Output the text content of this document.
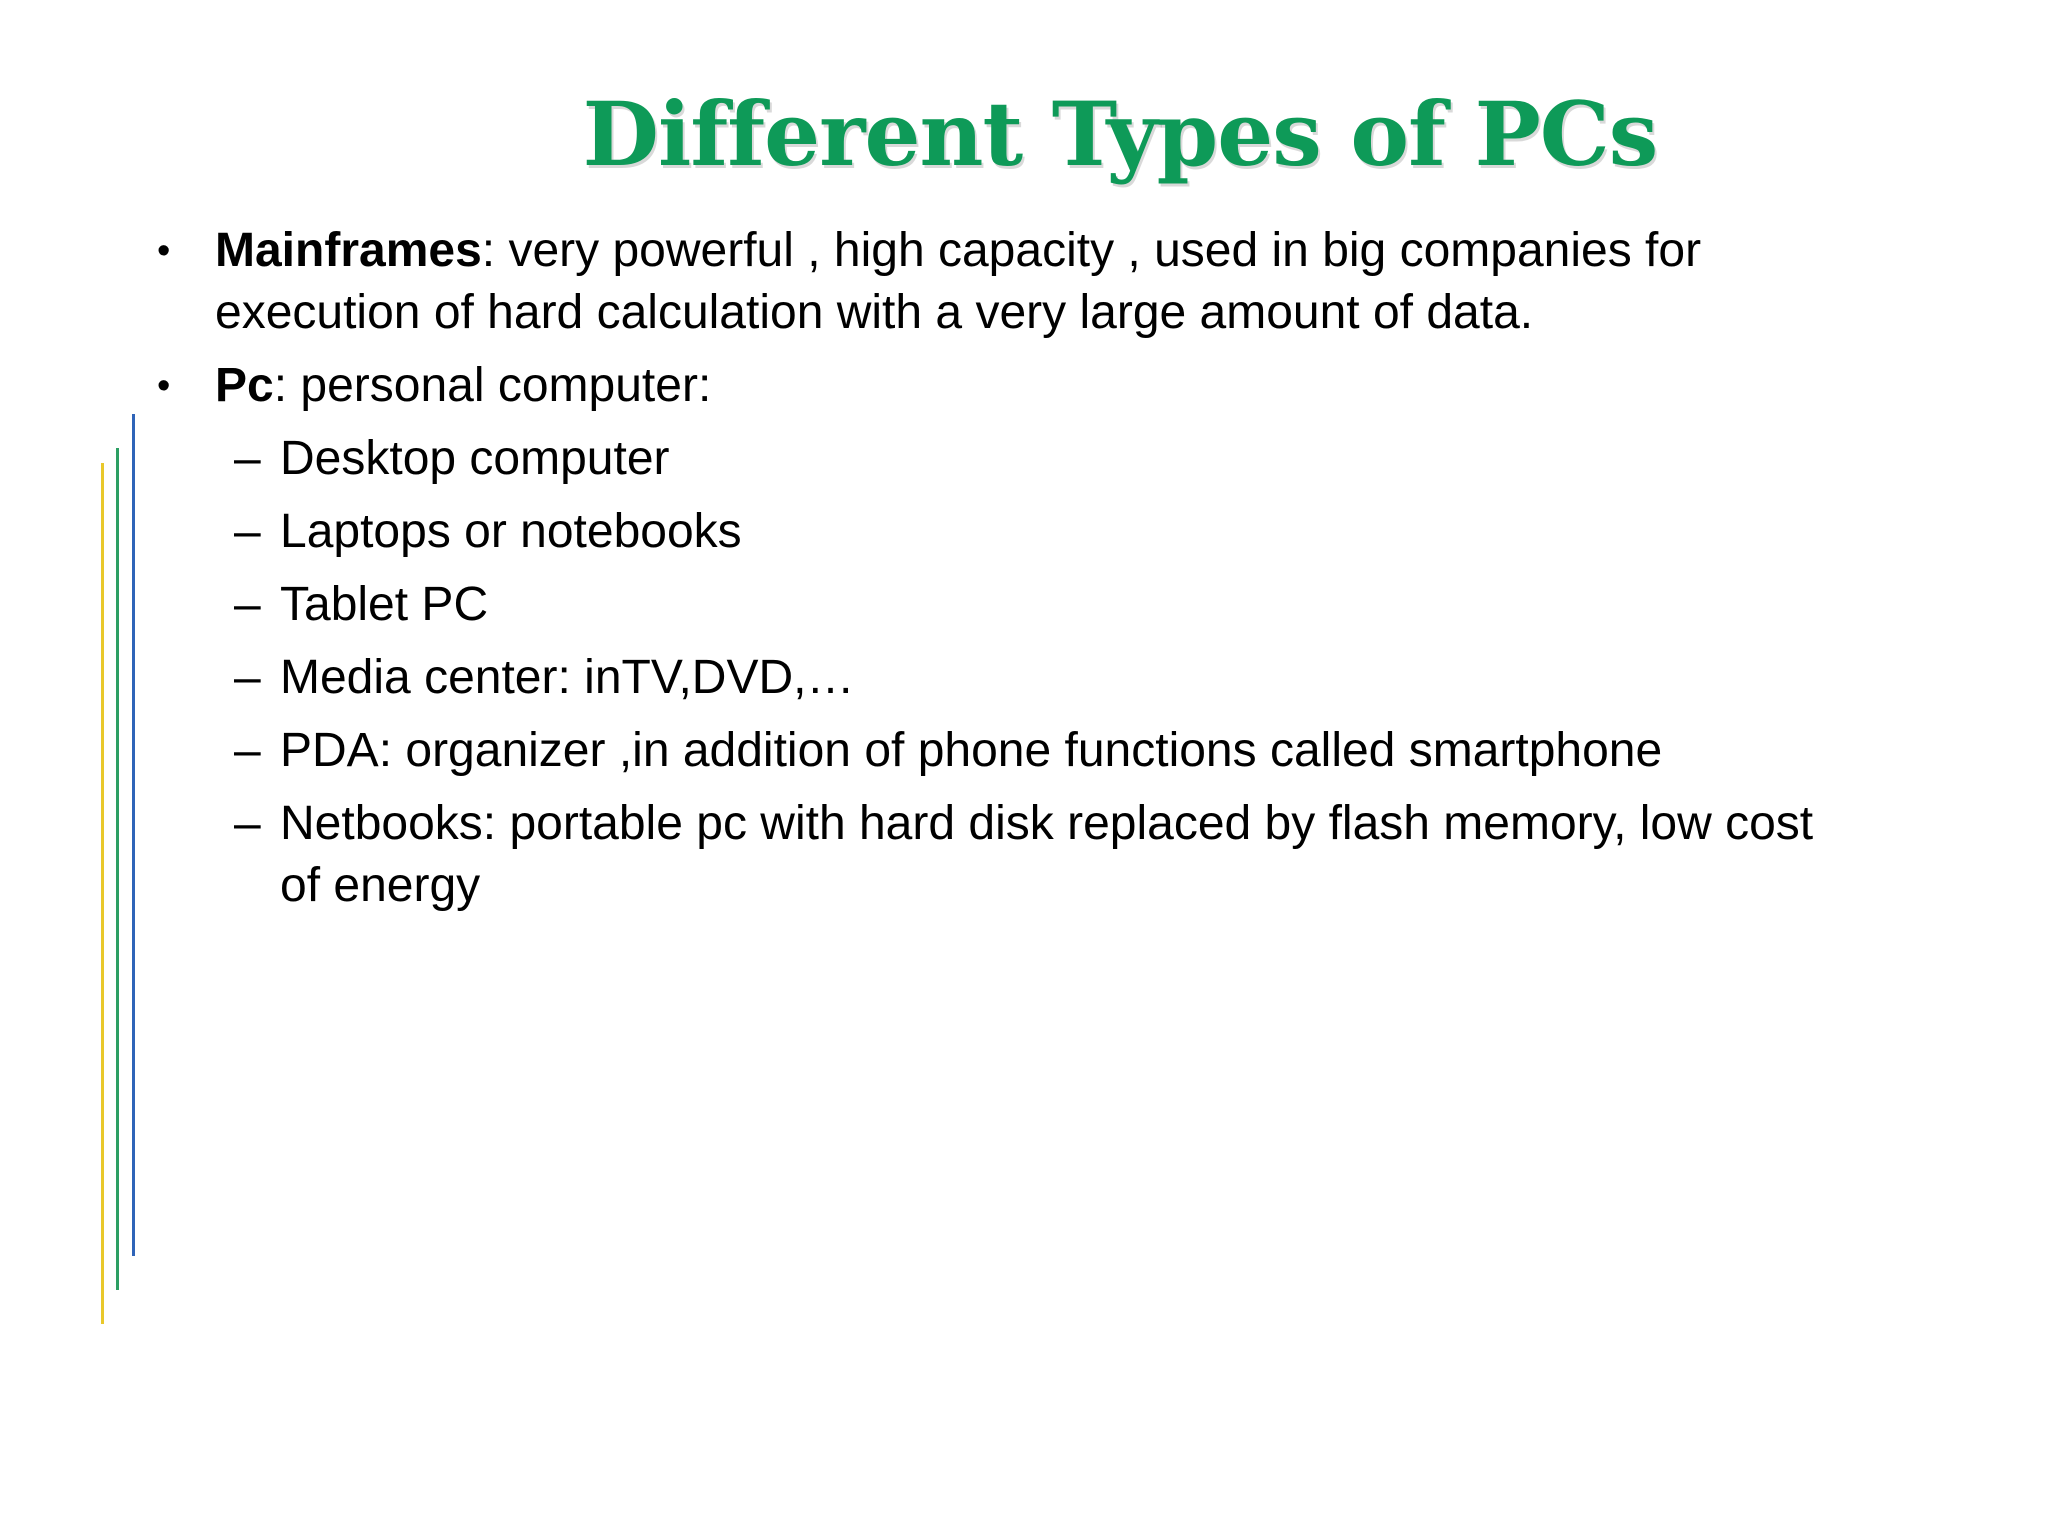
Different Types of PCs
• Mainframes: very powerful , high capacity , used in big companies for
execution of hard calculation with a very large amount of data.
• Pc: personal computer:
– Desktop computer
– Laptops or notebooks
– Tablet PC
– Media center: inTV,DVD,…
– PDA: organizer ,in addition of phone functions called smartphone
– Netbooks: portable pc with hard disk replaced by flash memory, low cost
of energy
